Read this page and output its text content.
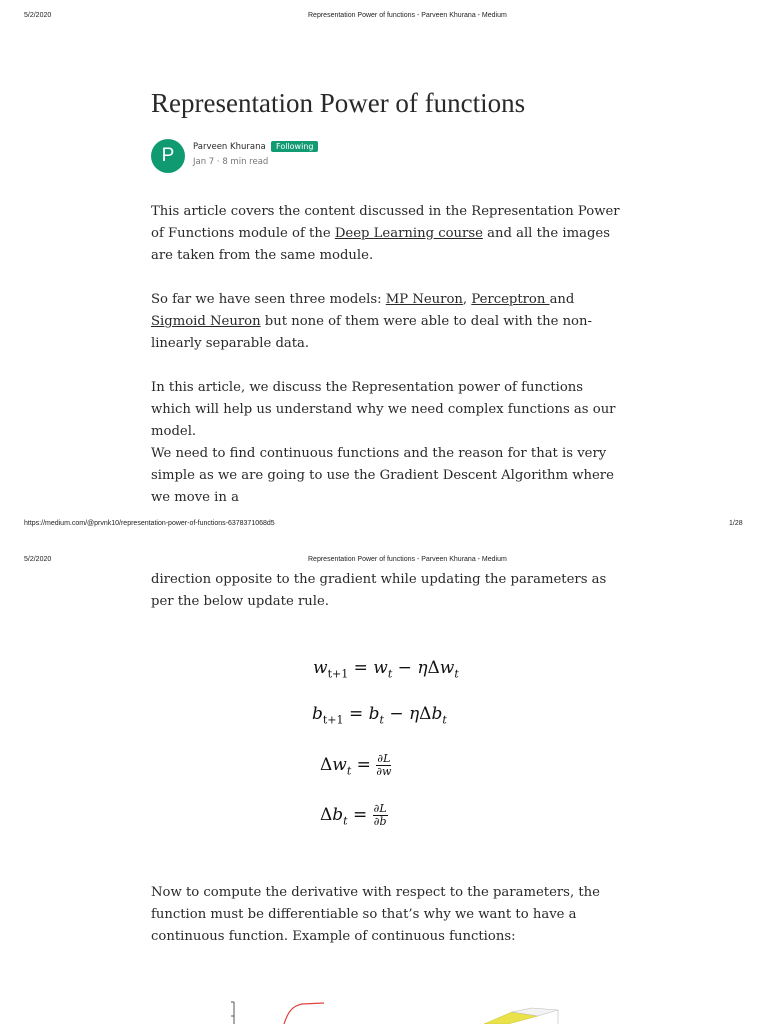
5/2/2020	Representation Power of functions - Parveen Khurana - Medium
Representation Power of functions
P Parveen Khurana	Following
Jan 7 · 8 min read

This article covers the content discussed in the Representation Power of Functions module of the Deep Learning course and all the images are taken from the same module.

So far we have seen three models: MP Neuron, Perceptron and Sigmoid Neuron but none of them were able to deal with the non-linearly separable data.

In this article, we discuss the Representation power of functions which will help us understand why we need complex functions as our model.

We need to find continuous functions and the reason for that is very simple as we are going to use the Gradient Descent Algorithm where we move in a

https://medium.com/@prvnk10/representation-power-of-functions-6378371068d5	1/28
5/2/2020	Representation Power of functions - Parveen Khurana - Medium

direction opposite to the gradient while updating the parameters as per the below update rule.

$w_{t+1} = w_t - \eta\Delta w_t$
$b_{t+1} = b_t - \eta\Delta b_t$
$\Delta w_t = \frac{\partial L}{\partial w}$
$\Delta b_t = \frac{\partial L}{\partial b}$

Now to compute the derivative with respect to the parameters, the function must be differentiable so that’s why we want to have a continuous function. Example of continuous functions:
